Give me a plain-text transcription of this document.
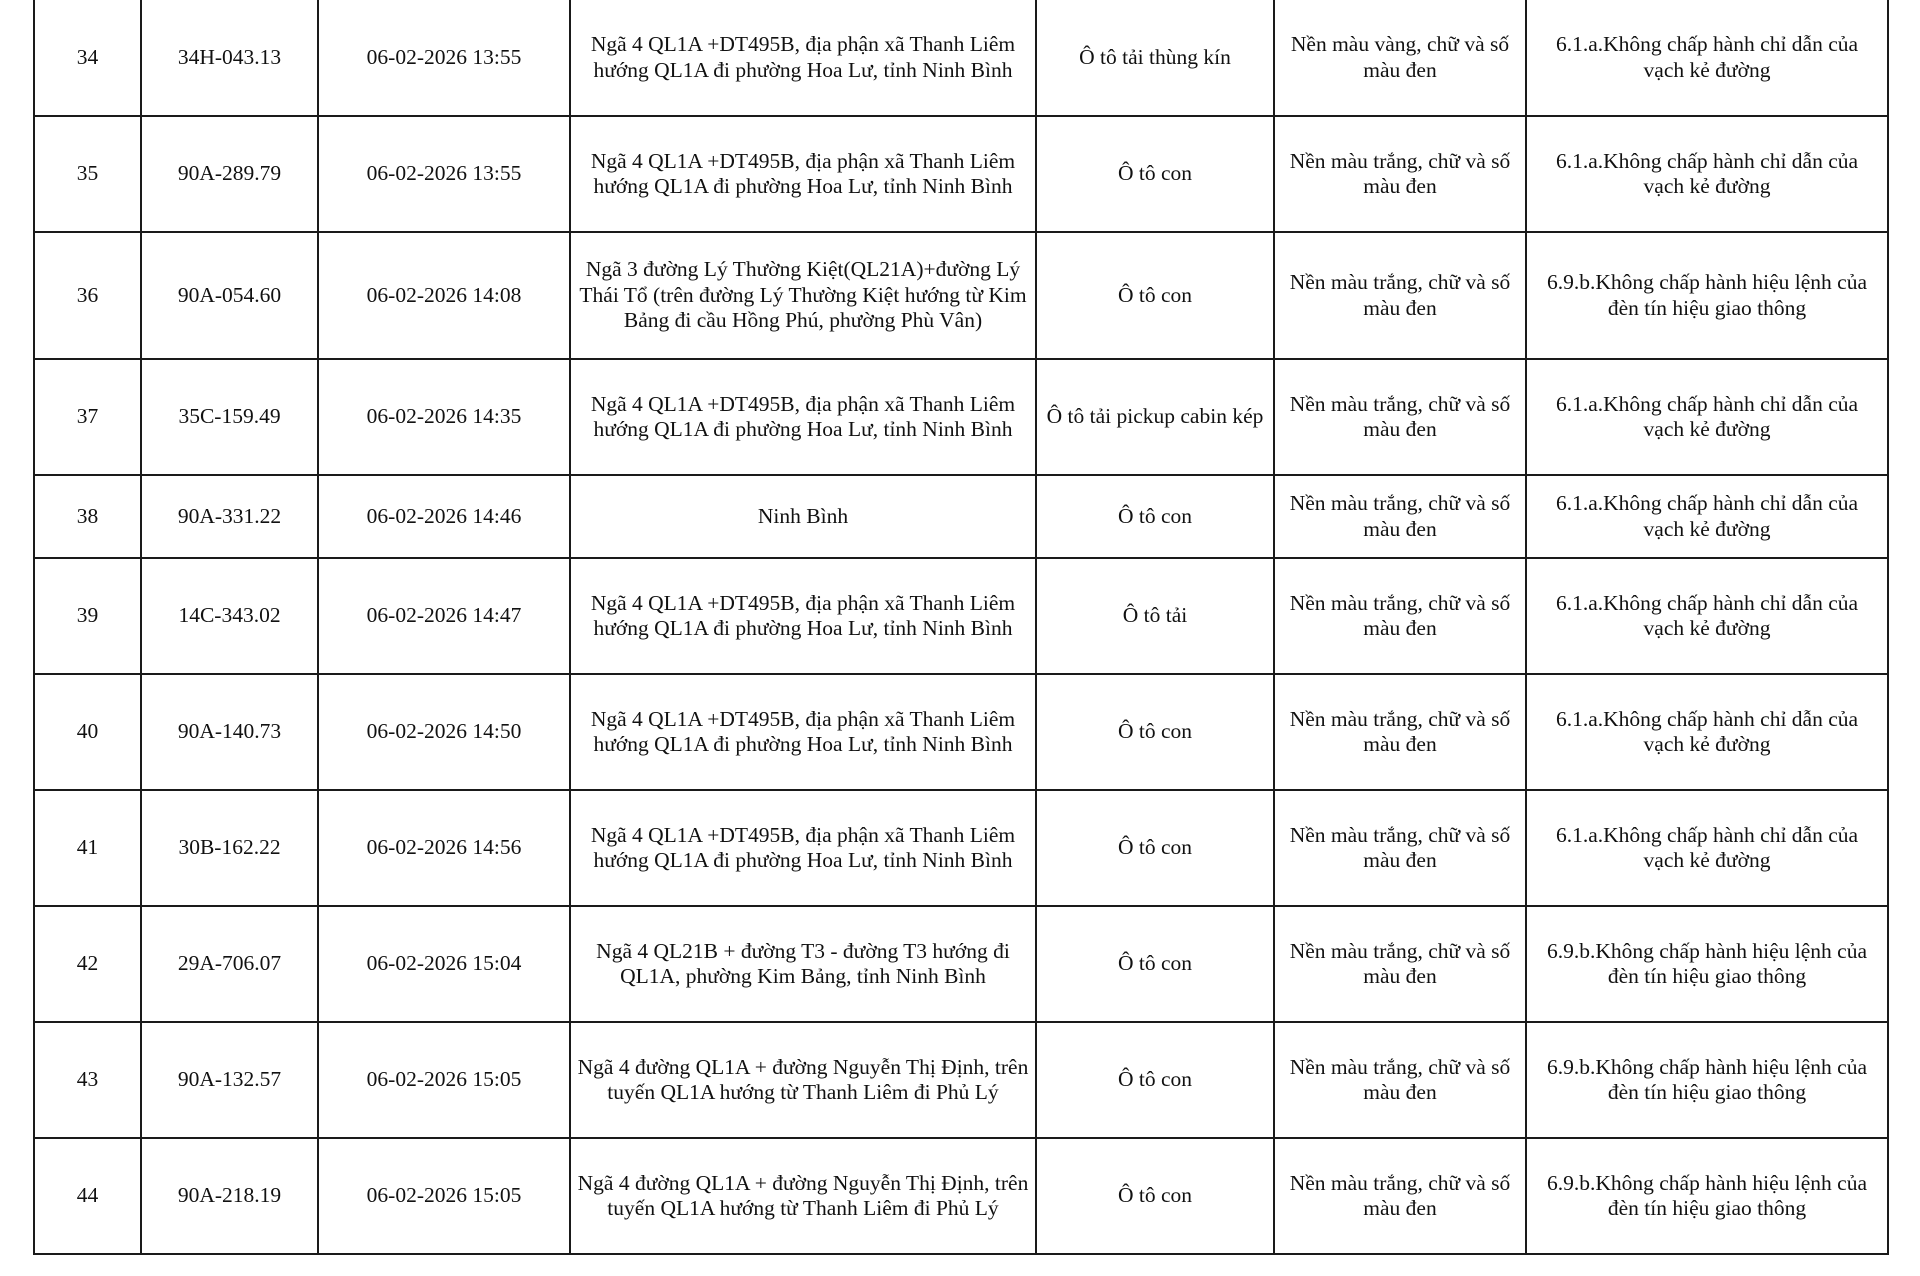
34	34H-043.13	06-02-2026 13:55	Ngã 4 QL1A +DT495B, địa phận xã Thanh Liêm hướng QL1A đi phường Hoa Lư, tỉnh Ninh Bình	Ô tô tải thùng kín	Nền màu vàng, chữ và số màu đen	6.1.a.Không chấp hành chỉ dẫn của vạch kẻ đường
35	90A-289.79	06-02-2026 13:55	Ngã 4 QL1A +DT495B, địa phận xã Thanh Liêm hướng QL1A đi phường Hoa Lư, tỉnh Ninh Bình	Ô tô con	Nền màu trắng, chữ và số màu đen	6.1.a.Không chấp hành chỉ dẫn của vạch kẻ đường
36	90A-054.60	06-02-2026 14:08	Ngã 3 đường Lý Thường Kiệt(QL21A)+đường Lý Thái Tổ (trên đường Lý Thường Kiệt hướng từ Kim Bảng đi cầu Hồng Phú, phường Phù Vân)	Ô tô con	Nền màu trắng, chữ và số màu đen	6.9.b.Không chấp hành hiệu lệnh của đèn tín hiệu giao thông
37	35C-159.49	06-02-2026 14:35	Ngã 4 QL1A +DT495B, địa phận xã Thanh Liêm hướng QL1A đi phường Hoa Lư, tỉnh Ninh Bình	Ô tô tải pickup cabin kép	Nền màu trắng, chữ và số màu đen	6.1.a.Không chấp hành chỉ dẫn của vạch kẻ đường
38	90A-331.22	06-02-2026 14:46	Ninh Bình	Ô tô con	Nền màu trắng, chữ và số màu đen	6.1.a.Không chấp hành chỉ dẫn của vạch kẻ đường
39	14C-343.02	06-02-2026 14:47	Ngã 4 QL1A +DT495B, địa phận xã Thanh Liêm hướng QL1A đi phường Hoa Lư, tỉnh Ninh Bình	Ô tô tải	Nền màu trắng, chữ và số màu đen	6.1.a.Không chấp hành chỉ dẫn của vạch kẻ đường
40	90A-140.73	06-02-2026 14:50	Ngã 4 QL1A +DT495B, địa phận xã Thanh Liêm hướng QL1A đi phường Hoa Lư, tỉnh Ninh Bình	Ô tô con	Nền màu trắng, chữ và số màu đen	6.1.a.Không chấp hành chỉ dẫn của vạch kẻ đường
41	30B-162.22	06-02-2026 14:56	Ngã 4 QL1A +DT495B, địa phận xã Thanh Liêm hướng QL1A đi phường Hoa Lư, tỉnh Ninh Bình	Ô tô con	Nền màu trắng, chữ và số màu đen	6.1.a.Không chấp hành chỉ dẫn của vạch kẻ đường
42	29A-706.07	06-02-2026 15:04	Ngã 4 QL21B + đường T3 - đường T3 hướng đi QL1A, phường Kim Bảng, tỉnh Ninh Bình	Ô tô con	Nền màu trắng, chữ và số màu đen	6.9.b.Không chấp hành hiệu lệnh của đèn tín hiệu giao thông
43	90A-132.57	06-02-2026 15:05	Ngã 4 đường QL1A + đường Nguyễn Thị Định, trên tuyến QL1A hướng từ Thanh Liêm đi Phủ Lý	Ô tô con	Nền màu trắng, chữ và số màu đen	6.9.b.Không chấp hành hiệu lệnh của đèn tín hiệu giao thông
44	90A-218.19	06-02-2026 15:05	Ngã 4 đường QL1A + đường Nguyễn Thị Định, trên tuyến QL1A hướng từ Thanh Liêm đi Phủ Lý	Ô tô con	Nền màu trắng, chữ và số màu đen	6.9.b.Không chấp hành hiệu lệnh của đèn tín hiệu giao thông
